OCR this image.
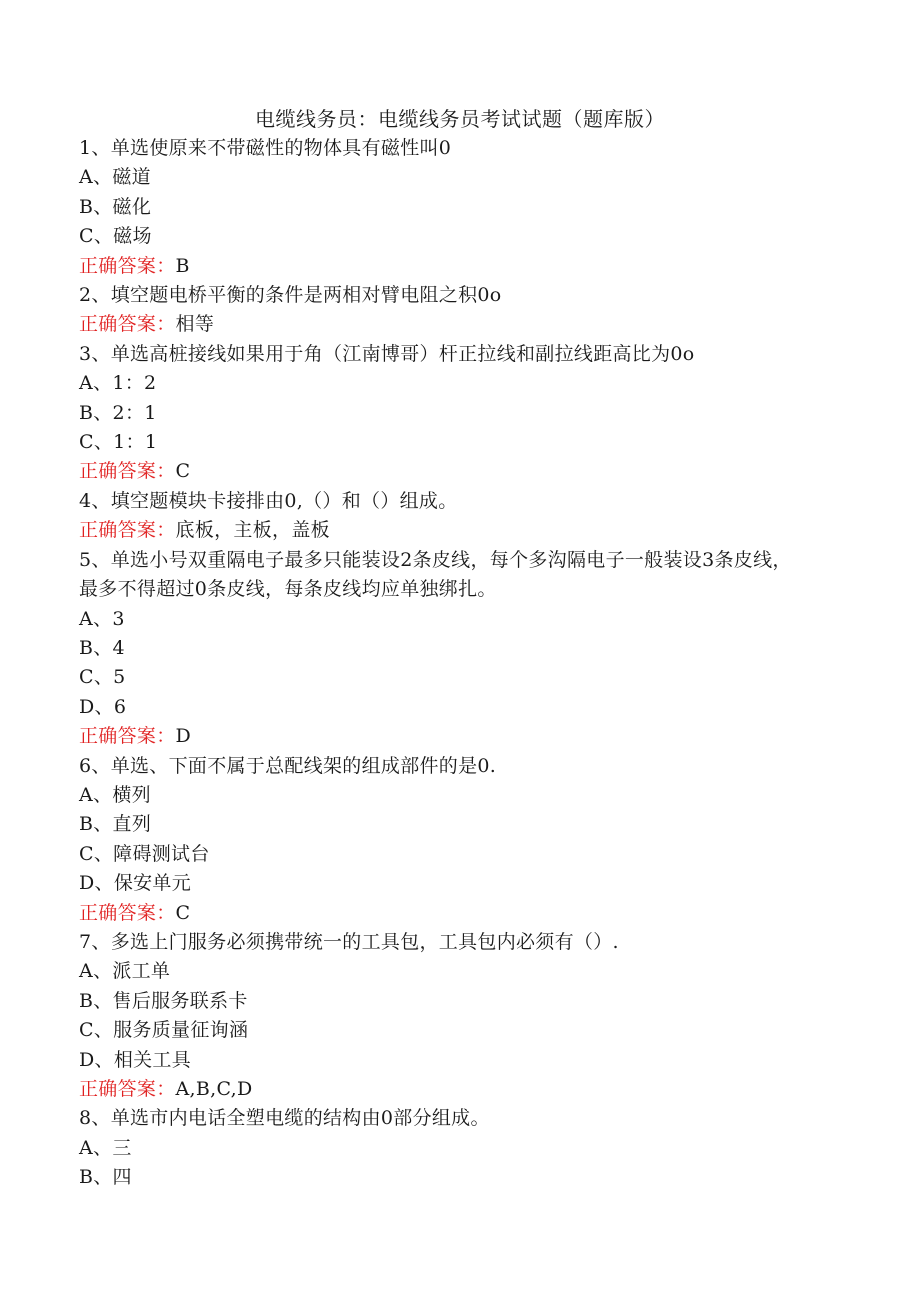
电缆线务员：电缆线务员考试试题（题库版）
1、单选使原来不带磁性的物体具有磁性叫0
A、磁道
B、磁化
C、磁场
正确答案：B
2、填空题电桥平衡的条件是两相对臂电阻之积0o
正确答案：相等
3、单选高桩接线如果用于角（江南博哥）杆正拉线和副拉线距高比为0o
A、1：2
B、2：1
C、1：1
正确答案：C
4、填空题模块卡接排由0,（）和（）组成。
正确答案：底板，主板，盖板
5、单选小号双重隔电子最多只能装设2条皮线，每个多沟隔电子一般装设3条皮线，最多不得超过0条皮线，每条皮线均应单独绑扎。
A、3
B、4
C、5
D、6
正确答案：D
6、单选、下面不属于总配线架的组成部件的是0.
A、横列
B、直列
C、障碍测试台
D、保安单元
正确答案：C
7、多选上门服务必须携带统一的工具包，工具包内必须有（）.
A、派工单
B、售后服务联系卡
C、服务质量征询涵
D、相关工具
正确答案：A,B,C,D
8、单选市内电话全塑电缆的结构由0部分组成。
A、三
B、四
